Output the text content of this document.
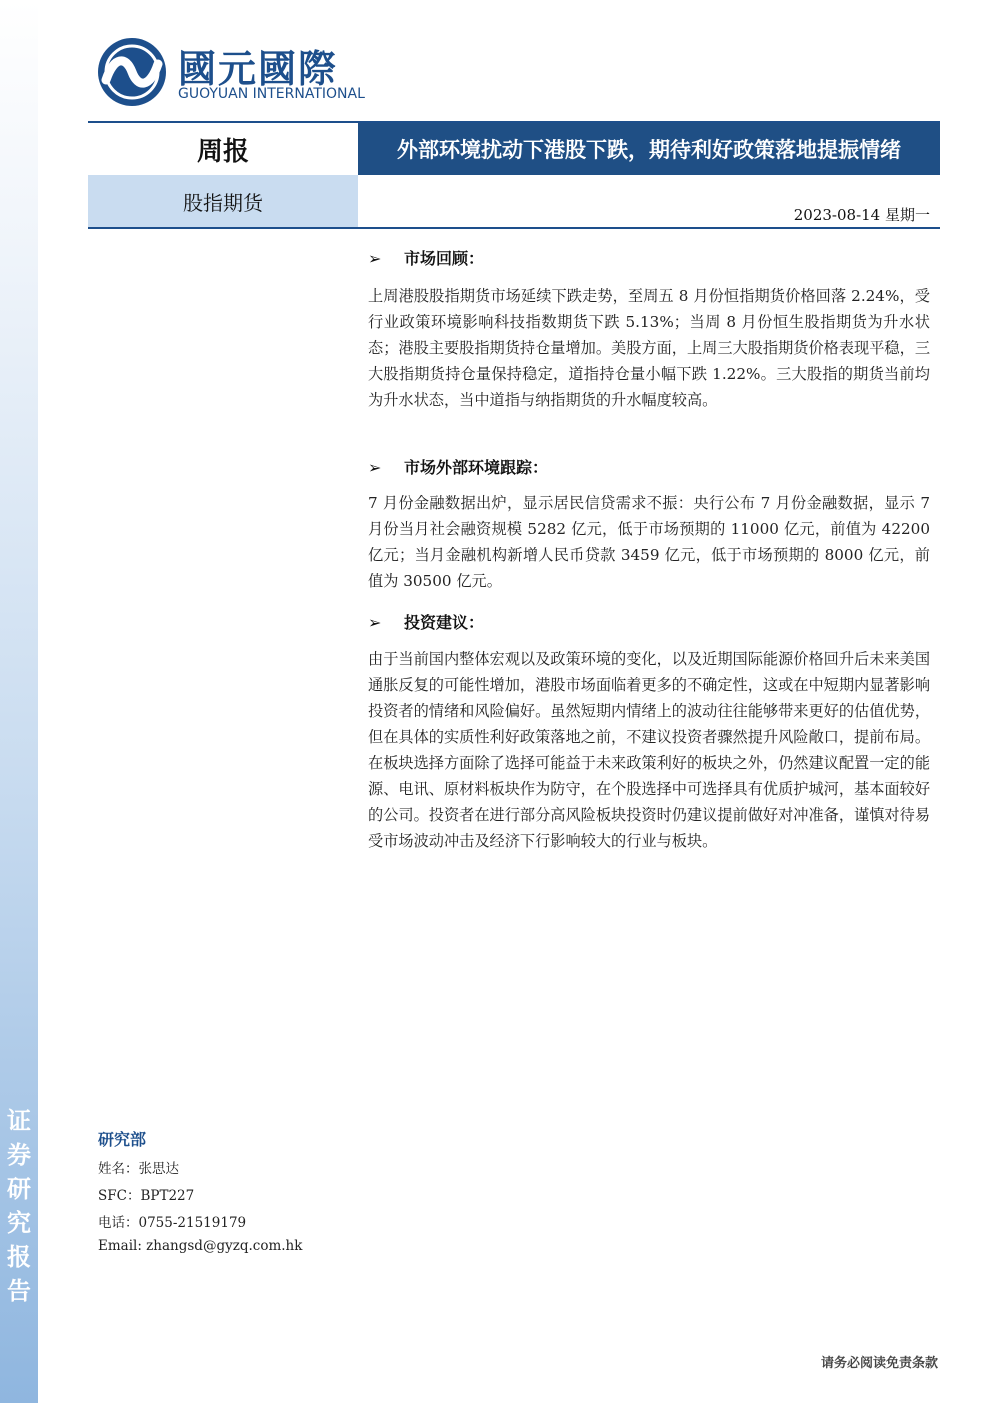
证券研究报告
國元國際
GUOYUAN INTERNATIONAL
周报	外部环境扰动下港股下跌，期待利好政策落地提振情绪
股指期货	2023-08-14 星期一
➢ 市场回顾：
上周港股股指期货市场延续下跌走势，至周五 8 月份恒指期货价格回落 2.24%，受行业政策环境影响科技指数期货下跌 5.13%；当周 8 月份恒生股指期货为升水状态；港股主要股指期货持仓量增加。美股方面，上周三大股指期货价格表现平稳，三大股指期货持仓量保持稳定，道指持仓量小幅下跌 1.22%。三大股指的期货当前均为升水状态，当中道指与纳指期货的升水幅度较高。
➢ 市场外部环境跟踪：
7 月份金融数据出炉，显示居民信贷需求不振：央行公布 7 月份金融数据，显示 7 月份当月社会融资规模 5282 亿元，低于市场预期的 11000 亿元，前值为 42200 亿元；当月金融机构新增人民币贷款 3459 亿元，低于市场预期的 8000 亿元，前值为 30500 亿元。
➢ 投资建议：
由于当前国内整体宏观以及政策环境的变化，以及近期国际能源价格回升后未来美国通胀反复的可能性增加，港股市场面临着更多的不确定性，这或在中短期内显著影响投资者的情绪和风险偏好。虽然短期内情绪上的波动往往能够带来更好的估值优势，但在具体的实质性利好政策落地之前，不建议投资者骤然提升风险敞口，提前布局。在板块选择方面除了选择可能益于未来政策利好的板块之外，仍然建议配置一定的能源、电讯、原材料板块作为防守，在个股选择中可选择具有优质护城河，基本面较好的公司。投资者在进行部分高风险板块投资时仍建议提前做好对冲准备，谨慎对待易受市场波动冲击及经济下行影响较大的行业与板块。
研究部
姓名：张思达
SFC：BPT227
电话：0755-21519179
Email: zhangsd@gyzq.com.hk
请务必阅读免责条款
